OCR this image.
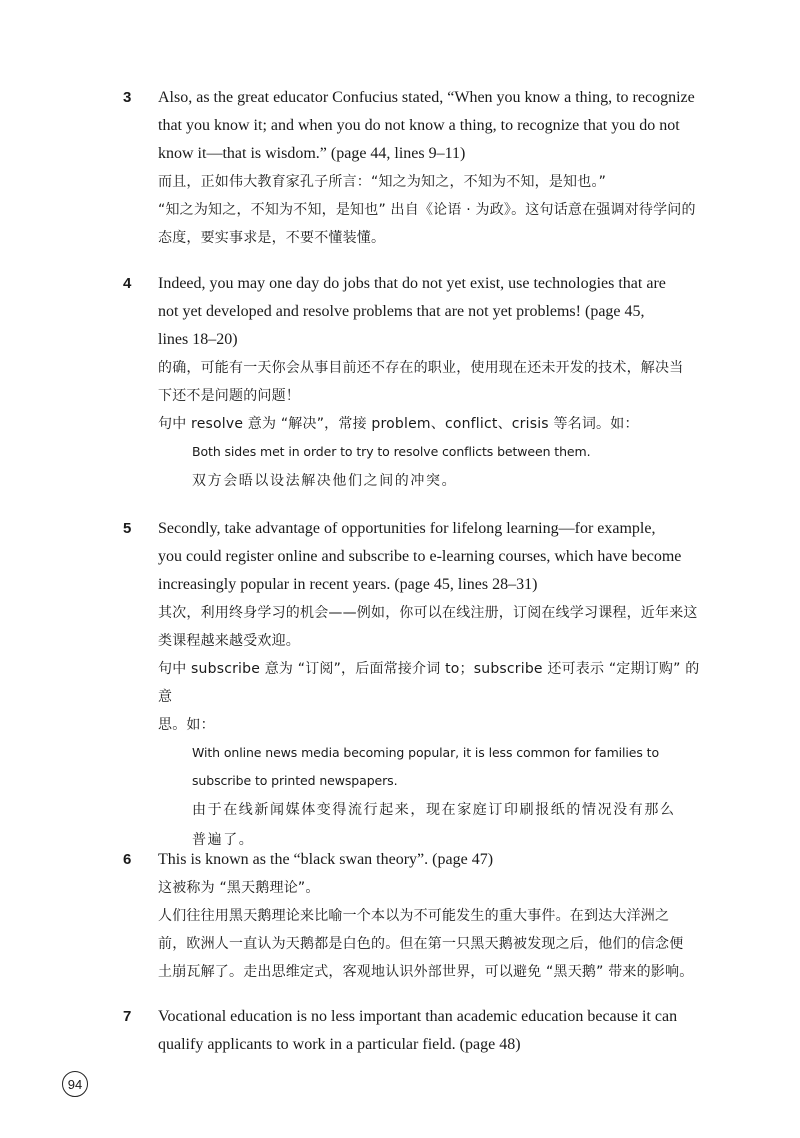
3 Also, as the great educator Confucius stated, “When you know a thing, to recognize
that you know it; and when you do not know a thing, to recognize that you do not
know it—that is wisdom.” (page 44, lines 9–11)

而且，正如伟大教育家孔子所言：“知之为知之，不知为不知，是知也。”

“知之为知之，不知为不知，是知也” 出自《论语 · 为政》。这句话意在强调对待学问的
态度，要实事求是，不要不懂装懂。

4 Indeed, you may one day do jobs that do not yet exist, use technologies that are
not yet developed and resolve problems that are not yet problems! (page 45,
lines 18–20)

的确，可能有一天你会从事目前还不存在的职业，使用现在还未开发的技术，解决当
下还不是问题的问题！

句中 resolve 意为 “解决”，常接 problem、conflict、crisis 等名词。如：

Both sides met in order to try to resolve conflicts between them.

双方会晤以设法解决他们之间的冲突。

5 Secondly, take advantage of opportunities for lifelong learning—for example,
you could register online and subscribe to e-learning courses, which have become
increasingly popular in recent years. (page 45, lines 28–31)

其次，利用终身学习的机会——例如，你可以在线注册，订阅在线学习课程，近年来这
类课程越来越受欢迎。

句中 subscribe 意为 “订阅”，后面常接介词 to；subscribe 还可表示 “定期订购” 的意
思。如：

With online news media becoming popular, it is less common for families to
subscribe to printed newspapers.

由于在线新闻媒体变得流行起来，现在家庭订印刷报纸的情况没有那么
普遍了。

6 This is known as the “black swan theory”. (page 47)

这被称为 “黑天鹅理论”。

人们往往用黑天鹅理论来比喻一个本以为不可能发生的重大事件。在到达大洋洲之
前，欧洲人一直认为天鹅都是白色的。但在第一只黑天鹅被发现之后，他们的信念便
土崩瓦解了。走出思维定式，客观地认识外部世界，可以避免 “黑天鹅” 带来的影响。

7 Vocational education is no less important than academic education because it can
qualify applicants to work in a particular field. (page 48)

94
